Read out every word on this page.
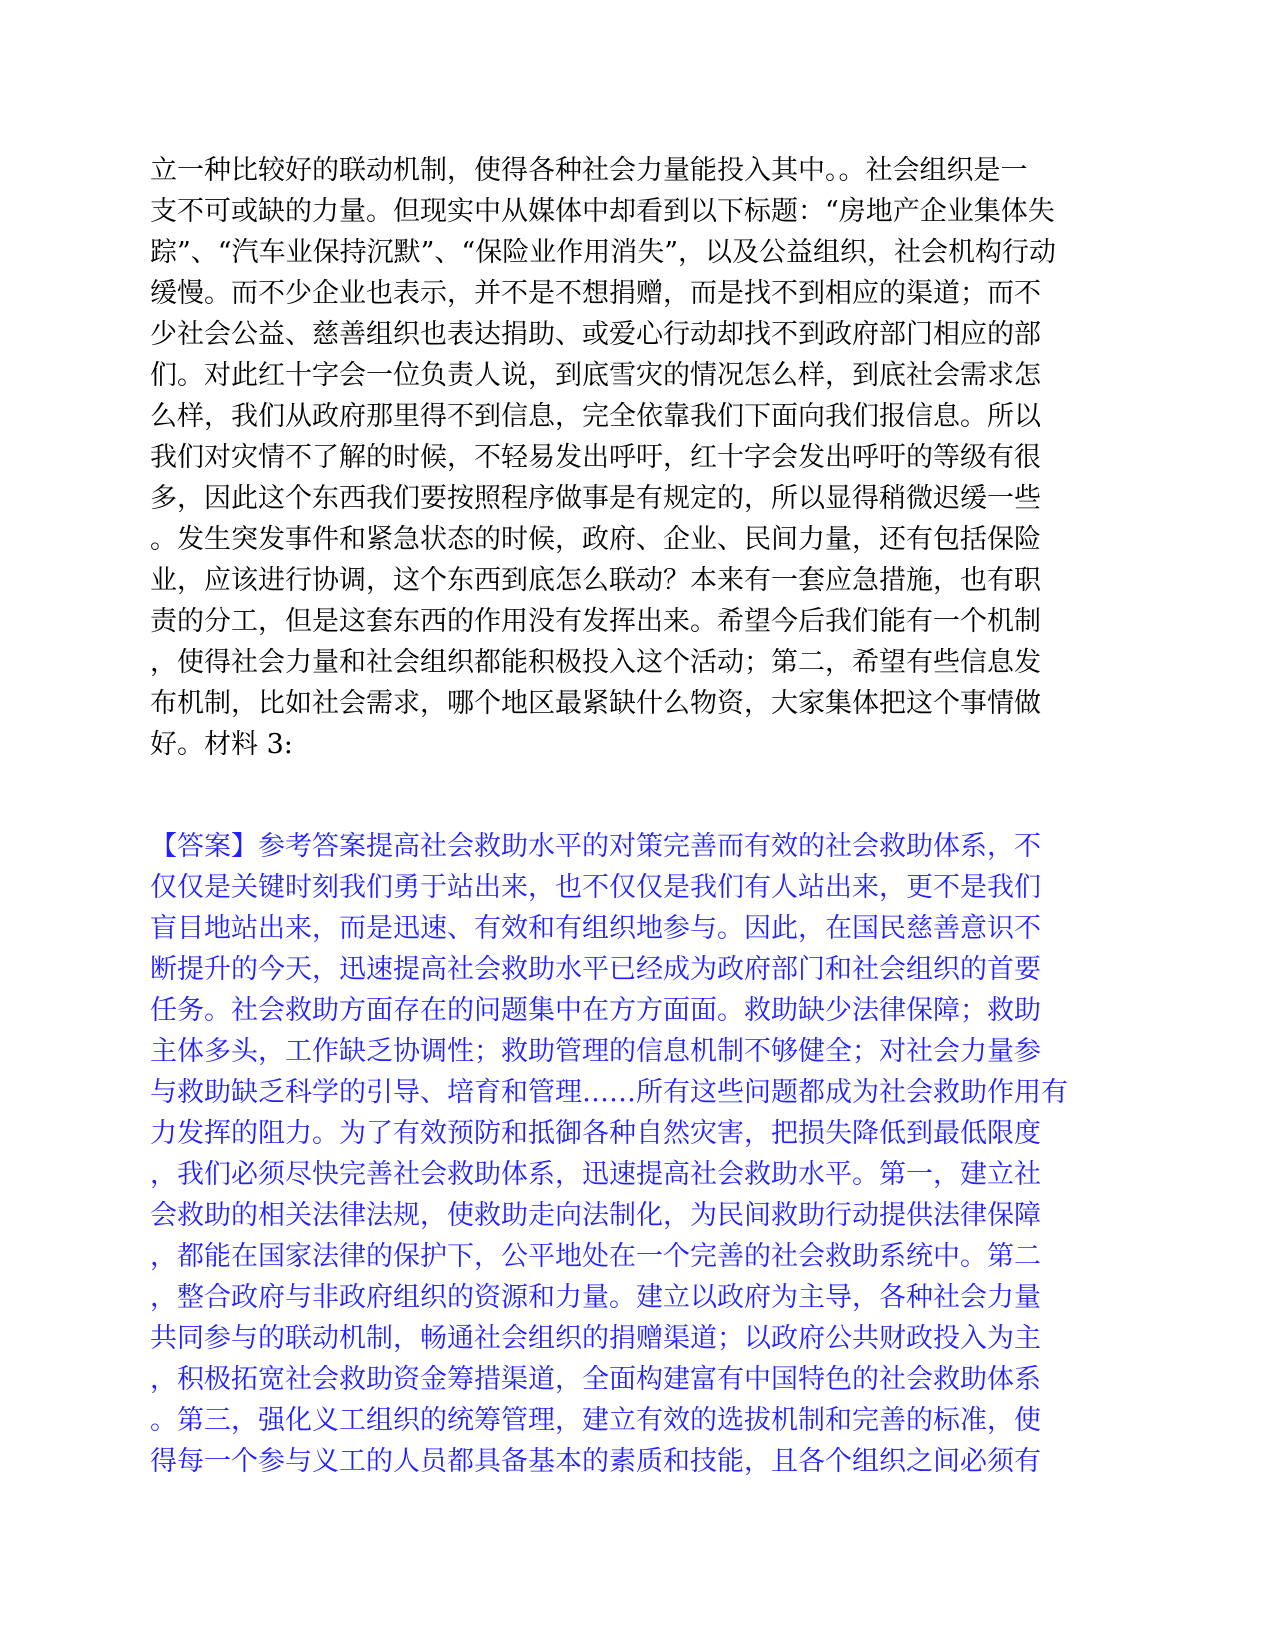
立一种比较好的联动机制，使得各种社会力量能投入其中。。社会组织是一
支不可或缺的力量。但现实中从媒体中却看到以下标题：“房地产企业集体失
踪”、“汽车业保持沉默”、“保险业作用消失”，以及公益组织，社会机构行动
缓慢。而不少企业也表示，并不是不想捐赠，而是找不到相应的渠道；而不
少社会公益、慈善组织也表达捐助、或爱心行动却找不到政府部门相应的部
们。对此红十字会一位负责人说，到底雪灾的情况怎么样，到底社会需求怎
么样，我们从政府那里得不到信息，完全依靠我们下面向我们报信息。所以
我们对灾情不了解的时候，不轻易发出呼吁，红十字会发出呼吁的等级有很
多，因此这个东西我们要按照程序做事是有规定的，所以显得稍微迟缓一些
。发生突发事件和紧急状态的时候，政府、企业、民间力量，还有包括保险
业，应该进行协调，这个东西到底怎么联动？本来有一套应急措施，也有职
责的分工，但是这套东西的作用没有发挥出来。希望今后我们能有一个机制
，使得社会力量和社会组织都能积极投入这个活动；第二，希望有些信息发
布机制，比如社会需求，哪个地区最紧缺什么物资，大家集体把这个事情做
好。材料 3:
【答案】参考答案提高社会救助水平的对策完善而有效的社会救助体系，不
仅仅是关键时刻我们勇于站出来，也不仅仅是我们有人站出来，更不是我们
盲目地站出来，而是迅速、有效和有组织地参与。因此，在国民慈善意识不
断提升的今天，迅速提高社会救助水平已经成为政府部门和社会组织的首要
任务。社会救助方面存在的问题集中在方方面面。救助缺少法律保障；救助
主体多头，工作缺乏协调性；救助管理的信息机制不够健全；对社会力量参
与救助缺乏科学的引导、培育和管理……所有这些问题都成为社会救助作用有
力发挥的阻力。为了有效预防和抵御各种自然灾害，把损失降低到最低限度
，我们必须尽快完善社会救助体系，迅速提高社会救助水平。第一，建立社
会救助的相关法律法规，使救助走向法制化，为民间救助行动提供法律保障
，都能在国家法律的保护下，公平地处在一个完善的社会救助系统中。第二
，整合政府与非政府组织的资源和力量。建立以政府为主导，各种社会力量
共同参与的联动机制，畅通社会组织的捐赠渠道；以政府公共财政投入为主
，积极拓宽社会救助资金筹措渠道，全面构建富有中国特色的社会救助体系
。第三，强化义工组织的统筹管理，建立有效的选拔机制和完善的标准，使
得每一个参与义工的人员都具备基本的素质和技能，且各个组织之间必须有
